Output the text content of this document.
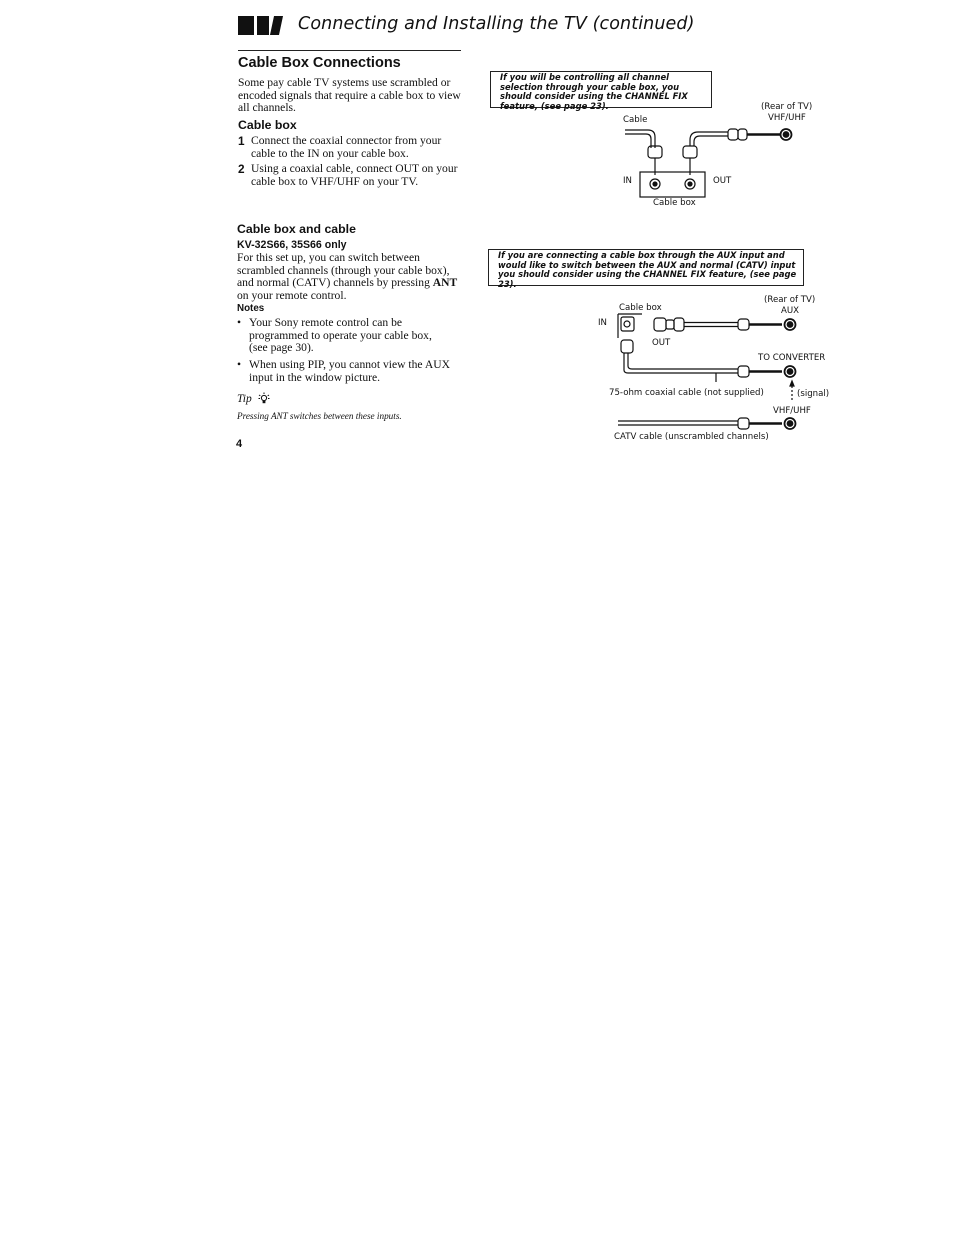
Connecting and Installing the TV (continued)
Cable Box Connections
Some pay cable TV systems use scrambled or encoded signals that require a cable box to view all channels.
Cable box
1 Connect the coaxial connector from your cable to the IN on your cable box.
2 Using a coaxial cable, connect OUT on your cable box to VHF/UHF on your TV.
Cable box and cable
KV-32S66, 35S66 only
For this set up, you can switch between scrambled channels (through your cable box), and normal (CATV) channels by pressing ANT on your remote control.
Notes
• Your Sony remote control can be programmed to operate your cable box, (see page 30).
• When using PIP, you cannot view the AUX input in the window picture.
Tip
Pressing ANT switches between these inputs.
4
If you will be controlling all channel selection through your cable box, you should consider using the CHANNEL FIX feature, (see page 23).
If you are connecting a cable box through the AUX input and would like to switch between the AUX and normal (CATV) input you should consider using the CHANNEL FIX feature, (see page 23).
(Rear of TV)
VHF/UHF
Cable
IN	OUT
Cable box
(Rear of TV)
AUX
Cable box
IN
OUT
TO CONVERTER
75-ohm coaxial cable (not supplied)	(signal)
VHF/UHF
CATV cable (unscrambled channels)
